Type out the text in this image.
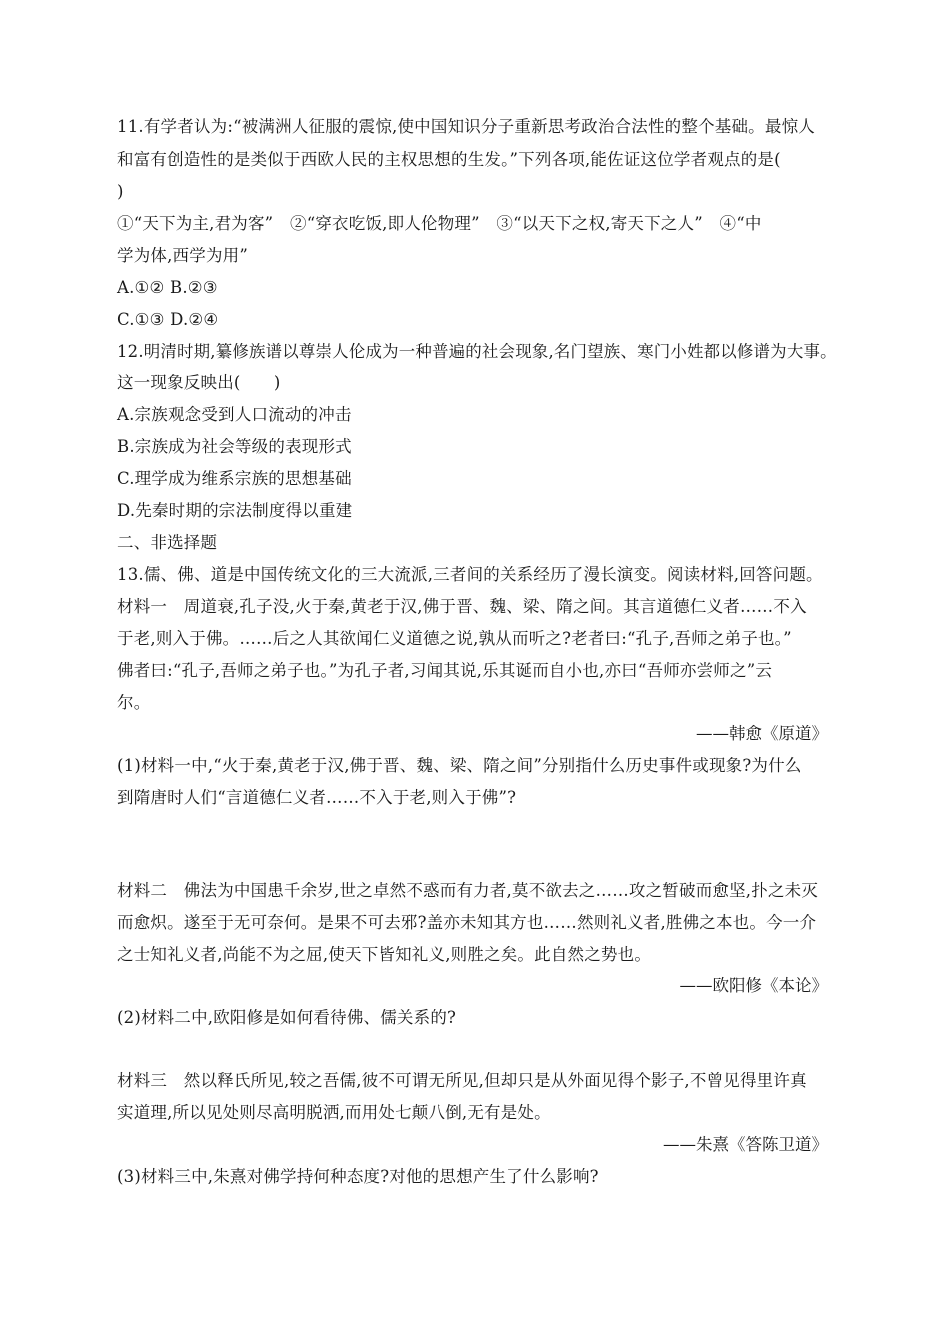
11.有学者认为:“被满洲人征服的震惊,使中国知识分子重新思考政治合法性的整个基础。最惊人
和富有创造性的是类似于西欧人民的主权思想的生发。”下列各项,能佐证这位学者观点的是(
)
①“天下为主,君为客”　②“穿衣吃饭,即人伦物理”　③“以天下之权,寄天下之人”　④“中
学为体,西学为用”
A.①② B.②③
C.①③ D.②④
12.明清时期,纂修族谱以尊崇人伦成为一种普遍的社会现象,名门望族、寒门小姓都以修谱为大事。
这一现象反映出(　　)
A.宗族观念受到人口流动的冲击
B.宗族成为社会等级的表现形式
C.理学成为维系宗族的思想基础
D.先秦时期的宗法制度得以重建
二、非选择题
13.儒、佛、道是中国传统文化的三大流派,三者间的关系经历了漫长演变。阅读材料,回答问题。
材料一　周道衰,孔子没,火于秦,黄老于汉,佛于晋、魏、梁、隋之间。其言道德仁义者……不入
于老,则入于佛。……后之人其欲闻仁义道德之说,孰从而听之?老者曰:“孔子,吾师之弟子也。”
佛者曰:“孔子,吾师之弟子也。”为孔子者,习闻其说,乐其诞而自小也,亦曰“吾师亦尝师之”云
尔。
——韩愈《原道》
(1)材料一中,“火于秦,黄老于汉,佛于晋、魏、梁、隋之间”分别指什么历史事件或现象?为什么
到隋唐时人们“言道德仁义者……不入于老,则入于佛”?
材料二　佛法为中国患千余岁,世之卓然不惑而有力者,莫不欲去之……攻之暂破而愈坚,扑之未灭
而愈炽。遂至于无可奈何。是果不可去邪?盖亦未知其方也……然则礼义者,胜佛之本也。今一介
之士知礼义者,尚能不为之屈,使天下皆知礼义,则胜之矣。此自然之势也。
——欧阳修《本论》
(2)材料二中,欧阳修是如何看待佛、儒关系的?
材料三　然以释氏所见,较之吾儒,彼不可谓无所见,但却只是从外面见得个影子,不曾见得里许真
实道理,所以见处则尽高明脱洒,而用处七颠八倒,无有是处。
——朱熹《答陈卫道》
(3)材料三中,朱熹对佛学持何种态度?对他的思想产生了什么影响?
